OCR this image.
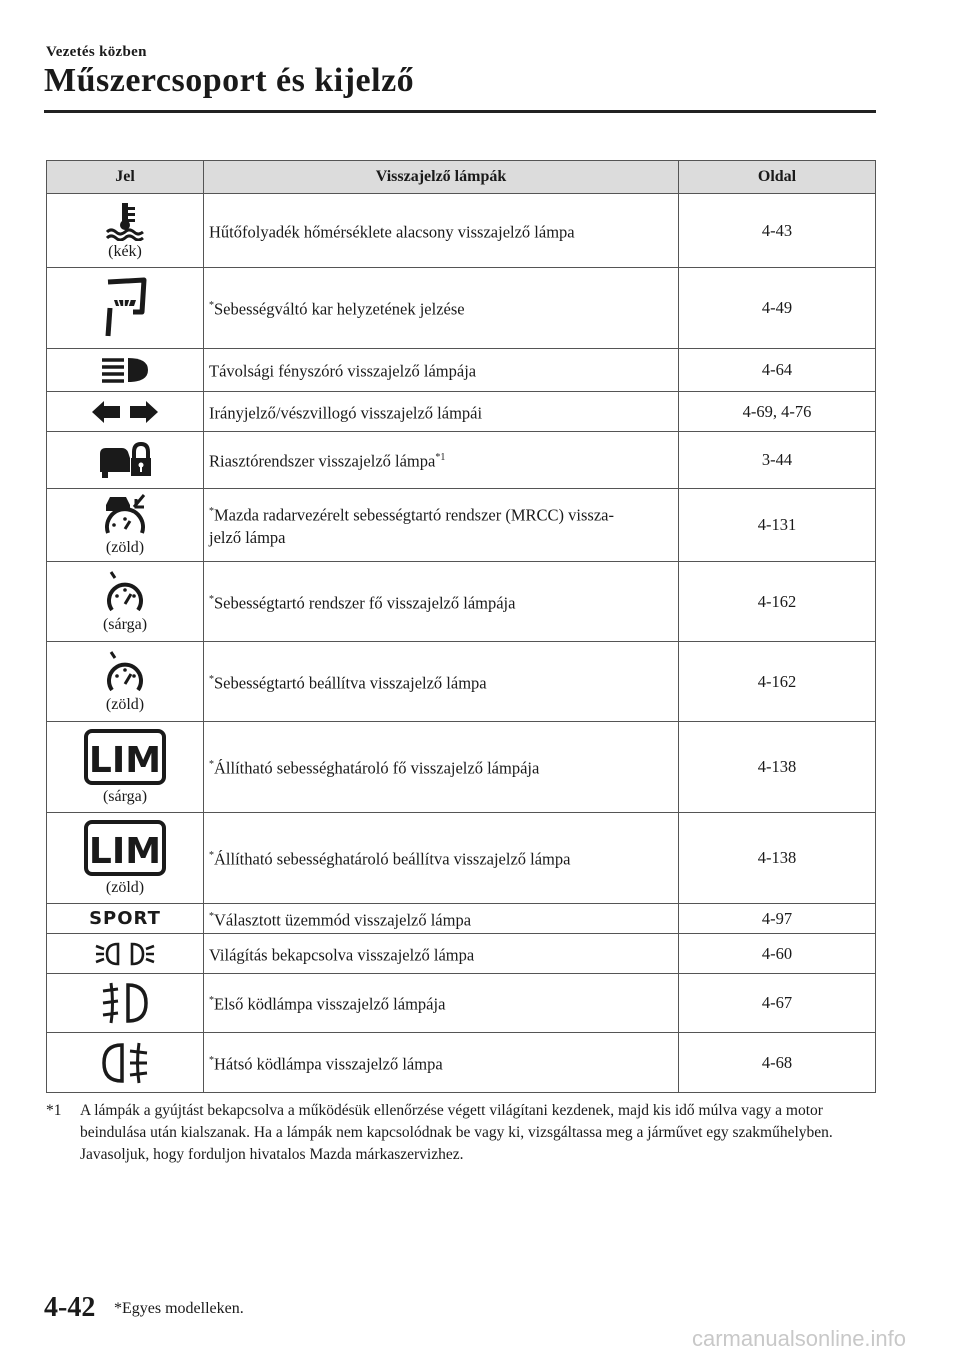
Vezetés közben
Műszercsoport és kijelző
Jel	Visszajelző lámpák	Oldal

(kék)	Hűtőfolyadék hőmérséklete alacsony visszajelző lámpa	4-43

	*Sebességváltó kar helyzetének jelzése	4-49

	Távolsági fényszóró visszajelző lámpája	4-64

	Irányjelző/vészvillogó visszajelző lámpái	4-69, 4-76

	Riasztórendszer visszajelző lámpa$^{*1}$	3-44

(zöld)	*Mazda radarvezérelt sebességtartó rendszer (MRCC) vissza-
jelző lámpa	4-131

(sárga)	*Sebességtartó rendszer fő visszajelző lámpája	4-162

(zöld)	*Sebességtartó beállítva visszajelző lámpa	4-162

LIM
(sárga)	*Állítható sebességhatároló fő visszajelző lámpája	4-138

LIM
(zöld)	*Állítható sebességhatároló beállítva visszajelző lámpa	4-138
SPORT	*Választott üzemmód visszajelző lámpa	4-97

	Világítás bekapcsolva visszajelző lámpa	4-60

	*Első ködlámpa visszajelző lámpája	4-67

	*Hátsó ködlámpa visszajelző lámpa	4-68
*1	A lámpák a gyújtást bekapcsolva a működésük ellenőrzése végett világítani kezdenek, majd kis idő múlva vagy a motor beindulása után kialszanak. Ha a lámpák nem kapcsolódnak be vagy ki, vizsgáltassa meg a járművet egy szakműhelyben. Javasoljuk, hogy forduljon hivatalos Mazda márkaszervizhez.
4-42 *Egyes modelleken.
carmanualsonline.info
